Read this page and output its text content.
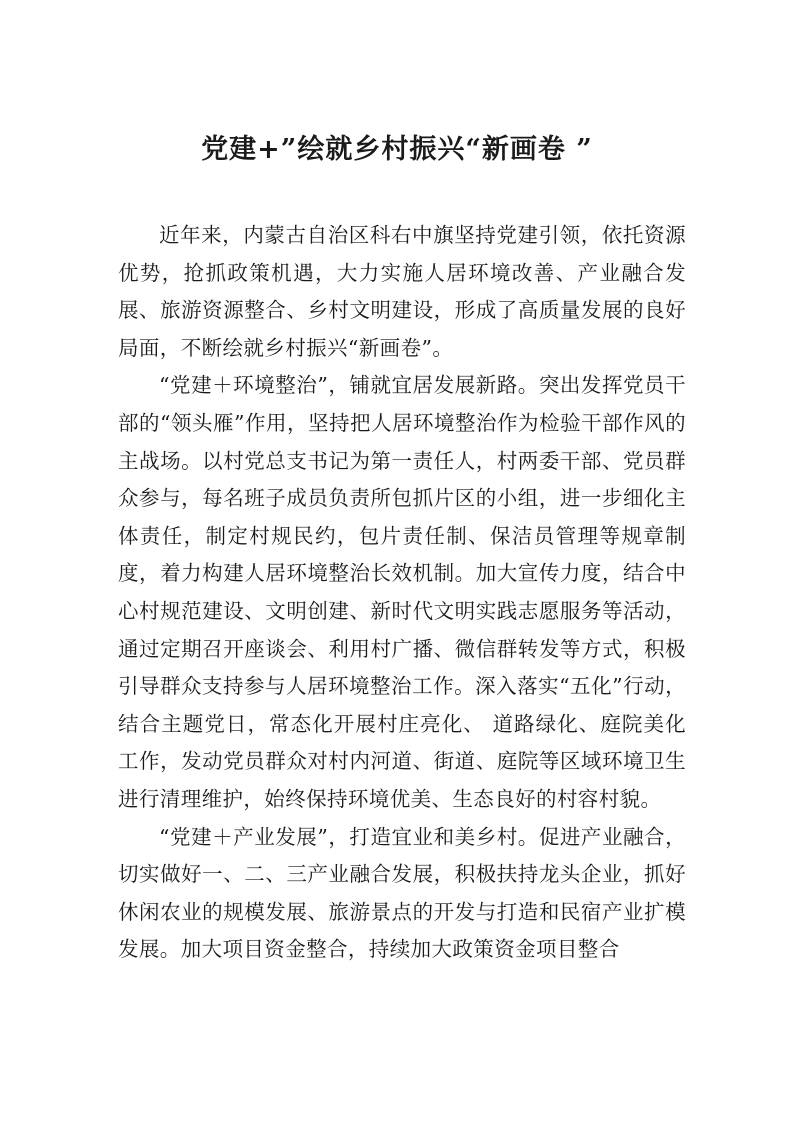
党建+”绘就乡村振兴“新画卷 ”

近年来，内蒙古自治区科右中旗坚持党建引领，依托资源优势，抢抓政策机遇，大力实施人居环境改善、产业融合发展、旅游资源整合、乡村文明建设，形成了高质量发展的良好局面，不断绘就乡村振兴“新画卷”。

“党建＋环境整治”，铺就宜居发展新路。突出发挥党员干部的“领头雁”作用，坚持把人居环境整治作为检验干部作风的主战场。以村党总支书记为第一责任人，村两委干部、党员群众参与，每名班子成员负责所包抓片区的小组，进一步细化主体责任，制定村规民约，包片责任制、保洁员管理等规章制度，着力构建人居环境整治长效机制。加大宣传力度，结合中心村规范建设、文明创建、新时代文明实践志愿服务等活动，通过定期召开座谈会、利用村广播、微信群转发等方式，积极引导群众支持参与人居环境整治工作。深入落实“五化”行动，结合主题党日，常态化开展村庄亮化、 道路绿化、庭院美化工作，发动党员群众对村内河道、街道、庭院等区域环境卫生进行清理维护，始终保持环境优美、生态良好的村容村貌。

“党建＋产业发展”，打造宜业和美乡村。促进产业融合，切实做好一、二、三产业融合发展，积极扶持龙头企业，抓好休闲农业的规模发展、旅游景点的开发与打造和民宿产业扩模发展。加大项目资金整合，持续加大政策资金项目整合
